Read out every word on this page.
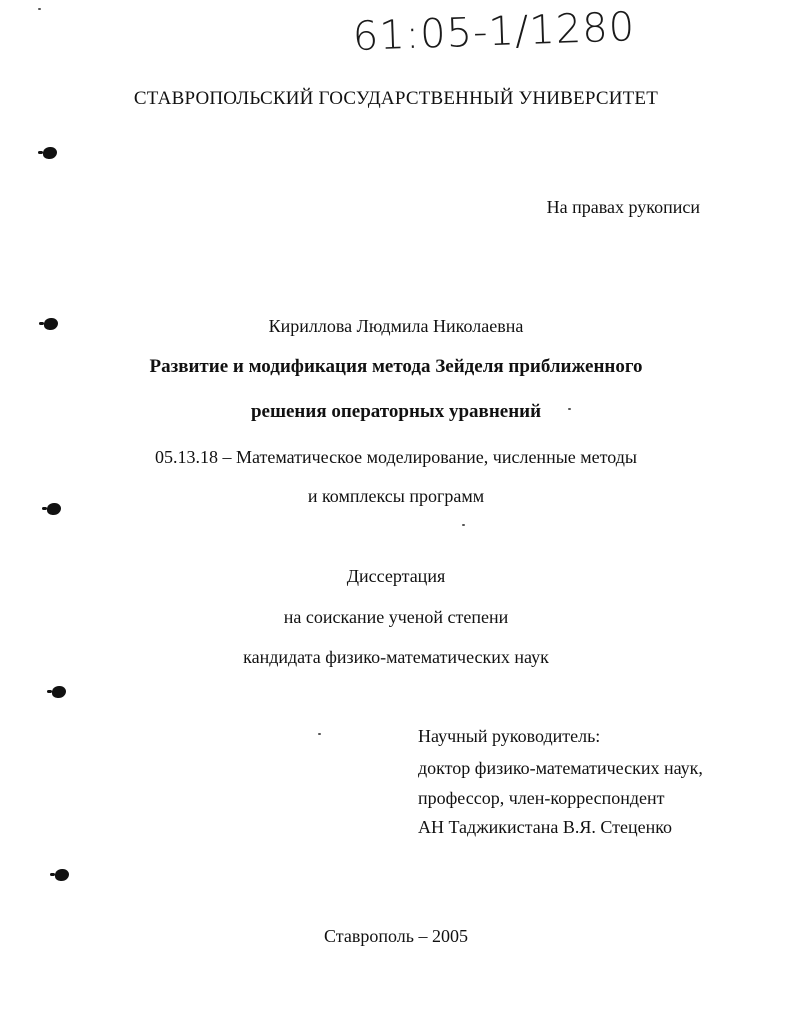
61:05-1/1280
СТАВРОПОЛЬСКИЙ ГОСУДАРСТВЕННЫЙ УНИВЕРСИТЕТ
На правах рукописи
Кириллова Людмила Николаевна
Развитие и модификация метода Зейделя приближенного
решения операторных уравнений
05.13.18 – Математическое моделирование, численные методы
и комплексы программ
Диссертация
на соискание ученой степени
кандидата физико-математических наук
Научный руководитель:
доктор физико-математических наук,
профессор, член-корреспондент
АН Таджикистана В.Я. Стеценко
Ставрополь – 2005
